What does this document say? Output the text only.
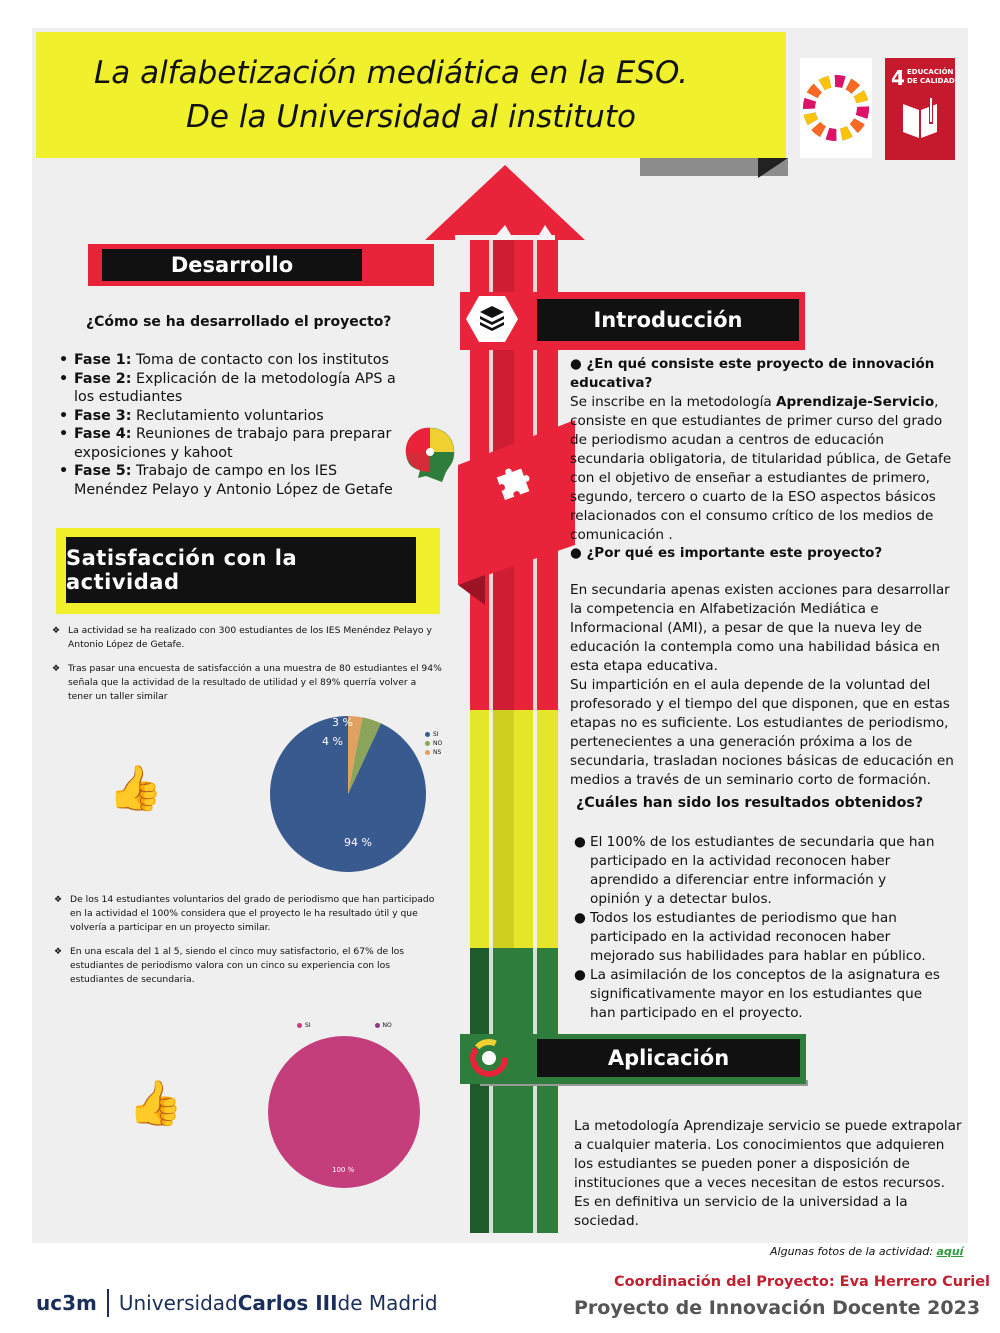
La alfabetización mediática en la ESO.
De la Universidad al instituto
4 EDUCACIÓN
DE CALIDAD
Desarrollo
¿Cómo se ha desarrollado el proyecto?
• Fase 1: Toma de contacto con los institutos
• Fase 2: Explicación de la metodología APS a los estudiantes
• Fase 3: Reclutamiento voluntarios
• Fase 4: Reuniones de trabajo para preparar exposiciones y kahoot
• Fase 5: Trabajo de campo en los IES Menéndez Pelayo y Antonio López de Getafe
Introducción
● ¿En qué consiste este proyecto de innovación educativa?
Se inscribe en la metodología Aprendizaje-Servicio, consiste en que estudiantes de primer curso del grado de periodismo acudan a centros de educación secundaria obligatoria, de titularidad pública, de Getafe con el objetivo de enseñar a estudiantes de primero, segundo, tercero o cuarto de la ESO aspectos básicos relacionados con el consumo crítico de los medios de comunicación .
● ¿Por qué es importante este proyecto?
En secundaria apenas existen acciones para desarrollar la competencia en Alfabetización Mediática e Informacional (AMI), a pesar de que la nueva ley de educación la contempla como una habilidad básica en esta etapa educativa.
Su impartición en el aula depende de la voluntad del profesorado y el tiempo del que disponen, que en estas etapas no es suficiente. Los estudiantes de periodismo, pertenecientes a una generación próxima a los de secundaria, trasladan nociones básicas de educación en medios a través de un seminario corto de formación.
¿Cuáles han sido los resultados obtenidos?
● El 100% de los estudiantes de secundaria que han participado en la actividad reconocen haber aprendido a diferenciar entre información y opinión y a detectar bulos.
● Todos los estudiantes de periodismo que han participado en la actividad reconocen haber mejorado sus habilidades para hablar en público.
● La asimilación de los conceptos de la asignatura es significativamente mayor en los estudiantes que han participado en el proyecto.
Satisfacción con la actividad
❖ La actividad se ha realizado con 300 estudiantes de los IES Menéndez Pelayo y Antonio López de Getafe.
❖ Tras pasar una encuesta de satisfacción a una muestra de 80 estudiantes el 94% señala que la actividad de la resultado de utilidad y el 89% querría volver a tener un taller similar
👍
3 %
4 %
94 %
SI
NO
NS
❖ De los 14 estudiantes voluntarios del grado de periodismo que han participado en la actividad el 100% considera que el proyecto le ha resultado útil y que volvería a participar en un proyecto similar.
❖ En una escala del 1 al 5, siendo el cinco muy satisfactorio, el 67% de los estudiantes de periodismo valora con un cinco su experiencia con los estudiantes de secundaria.
SI	NO
👍
100 %
Aplicación
La metodología Aprendizaje servicio se puede extrapolar a cualquier materia. Los conocimientos que adquieren los estudiantes se pueden poner a disposición de instituciones que a veces necesitan de estos recursos. Es en definitiva un servicio de la universidad a la sociedad.
Algunas fotos de la actividad: aquí
Coordinación del Proyecto: Eva Herrero Curiel
Proyecto de Innovación Docente 2023
uc3m Universidad Carlos III de Madrid
